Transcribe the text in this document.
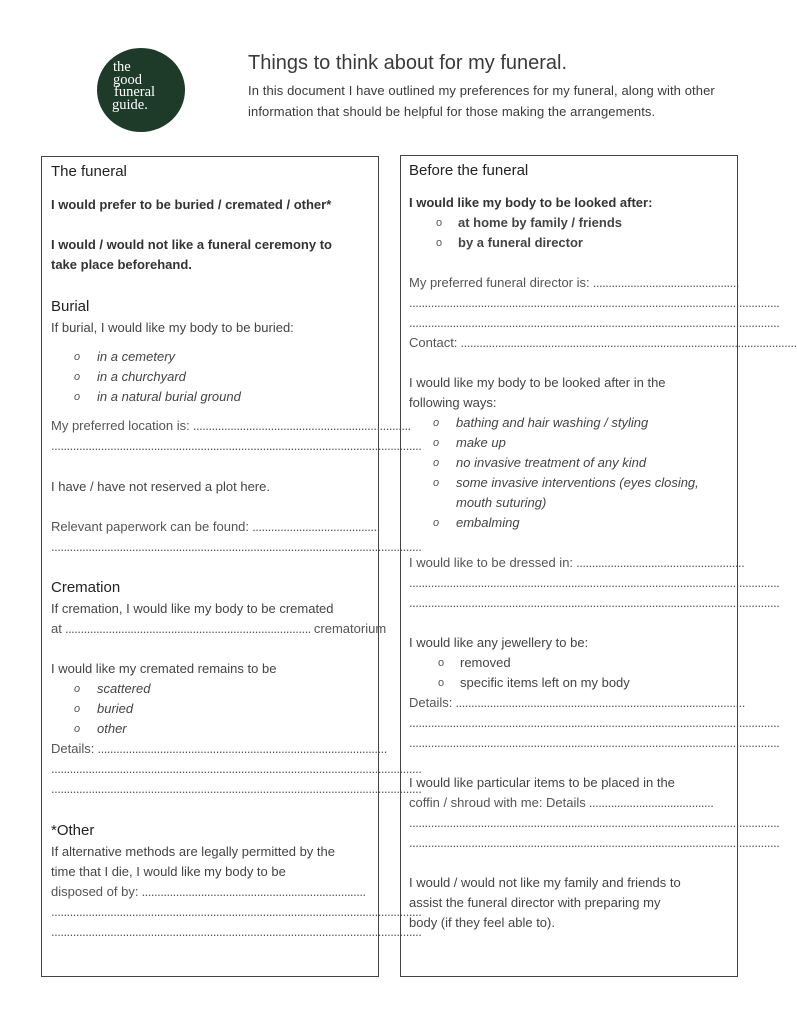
the
good
funeral
guide.
Things to think about for my funeral.
In this document I have outlined my preferences for my funeral, along with other information that should be helpful for those making the arrangements.
The funeral
I would prefer to be buried / cremated / other*
I would / would not like a funeral ceremony to
take place beforehand.
Burial
If burial, I would like my body to be buried:
o in a cemetery
o in a churchyard
o in a natural burial ground
My preferred location is: ......................................................................
.......................................................................................................................
I have / have not reserved a plot here.
Relevant paperwork can be found: .........................................
.......................................................................................................................
Cremation
If cremation, I would like my body to be cremated
at ............................................................................... crematorium
I would like my cremated remains to be
o scattered
o buried
o other
Details: .............................................................................................
.......................................................................................................................
.......................................................................................................................
*Other
If alternative methods are legally permitted by the
time that I die, I would like my body to be
disposed of by: ........................................................................
.......................................................................................................................
.......................................................................................................................
Before the funeral
I would like my body to be looked after:
o at home by family / friends
o by a funeral director
My preferred funeral director is: ...............................................
.......................................................................................................................
.......................................................................................................................
Contact: ............................................................................................................
I would like my body to be looked after in the
following ways:
o bathing and hair washing / styling
o make up
o no invasive treatment of any kind
o some invasive interventions (eyes closing,
mouth suturing)
o embalming
I would like to be dressed in: ......................................................
.......................................................................................................................
.......................................................................................................................
I would like any jewellery to be:
o removed
o specific items left on my body
Details: .............................................................................................
.......................................................................................................................
.......................................................................................................................
I would like particular items to be placed in the
coffin / shroud with me: Details ........................................
.......................................................................................................................
.......................................................................................................................
I would / would not like my family and friends to
assist the funeral director with preparing my
body (if they feel able to).
